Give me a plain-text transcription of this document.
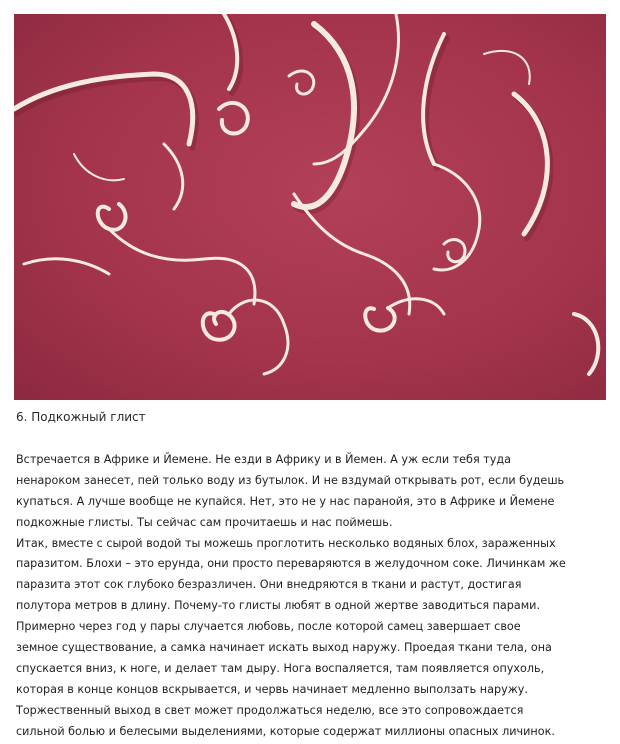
6. Подкожный глист
Встречается в Африке и Йемене. Не езди в Африку и в Йемен. А уж если тебя туда
ненароком занесет, пей только воду из бутылок. И не вздумай открывать рот, если будешь
купаться. А лучше вообще не купайся. Нет, это не у нас паранойя, это в Африке и Йемене
подкожные глисты. Ты сейчас сам прочитаешь и нас поймешь.
Итак, вместе с сырой водой ты можешь проглотить несколько водяных блох, зараженных
паразитом. Блохи – это ерунда, они просто перевaряются в желудочном соке. Личинкам же
паразита этот сок глубоко безразличен. Они внедряются в ткани и растут, достигая
полутора метров в длину. Почему-то глисты любят в одной жертве заводиться парами.
Примерно через год у пары случается любовь, после которой самец завершает свое
земное существование, а самка начинает искать выход наружу. Проедая ткани тела, она
спускается вниз, к ноге, и делает там дыру. Нога воспаляется, там появляется опухоль,
которая в конце концов вскрывается, и червь начинает медленно выползать наружу.
Торжественный выход в свет может продолжаться неделю, все это сопровождается
сильной болью и белесыми выделениями, которые содержат миллионы опасных личинок.
